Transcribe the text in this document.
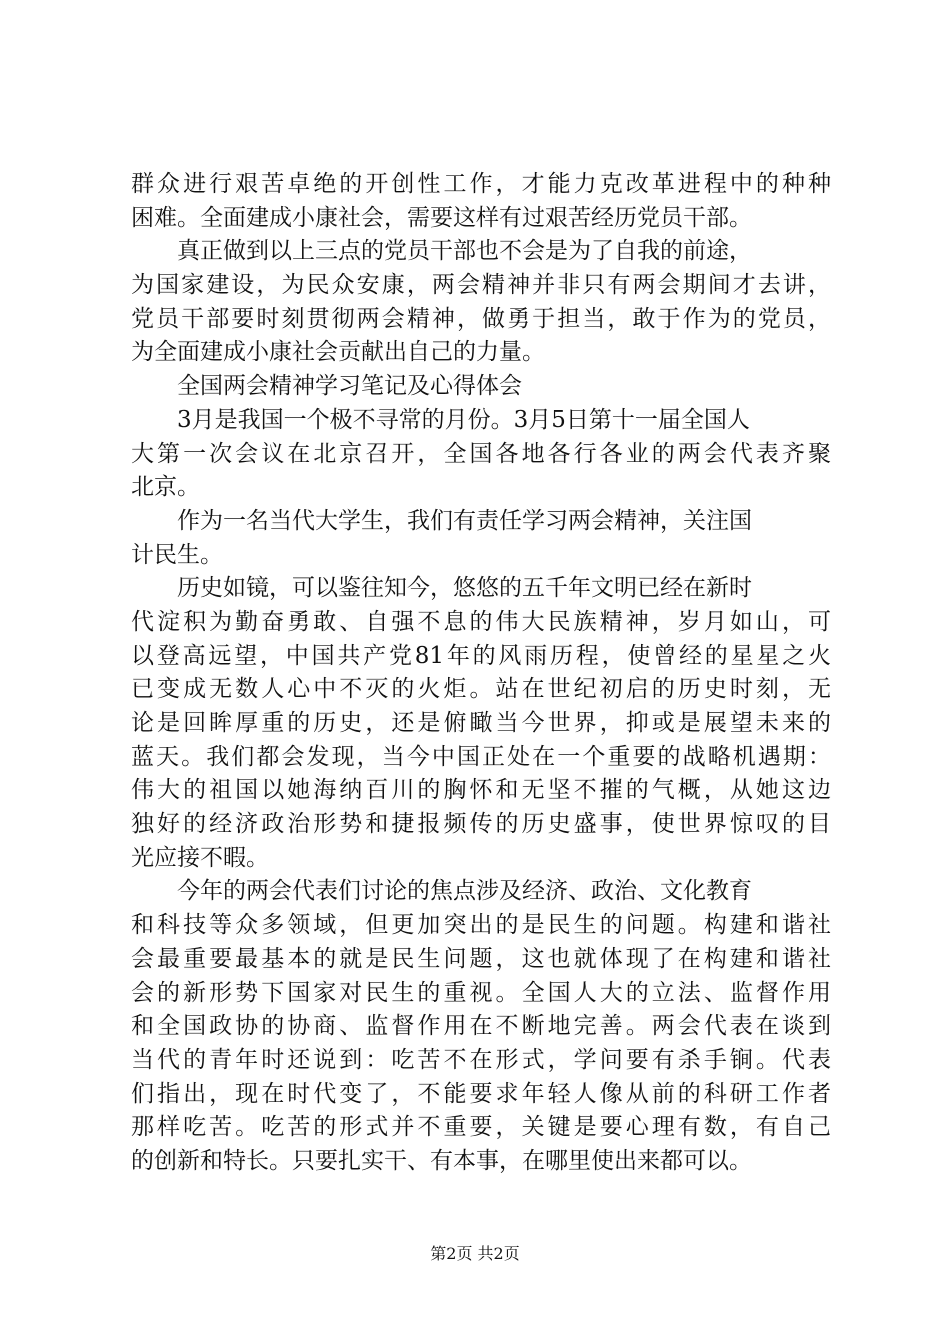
群众进行艰苦卓绝的开创性工作，才能力克改革进程中的种种
困难。全面建成小康社会，需要这样有过艰苦经历党员干部。
真正做到以上三点的党员干部也不会是为了自我的前途，
为国家建设，为民众安康，两会精神并非只有两会期间才去讲，
党员干部要时刻贯彻两会精神，做勇于担当，敢于作为的党员，
为全面建成小康社会贡献出自己的力量。
全国两会精神学习笔记及心得体会
3月是我国一个极不寻常的月份。3月5日第十一届全国人
大第一次会议在北京召开，全国各地各行各业的两会代表齐聚
北京。
作为一名当代大学生，我们有责任学习两会精神，关注国
计民生。
历史如镜，可以鉴往知今，悠悠的五千年文明已经在新时
代淀积为勤奋勇敢、自强不息的伟大民族精神，岁月如山，可
以登高远望，中国共产党81年的风雨历程，使曾经的星星之火
已变成无数人心中不灭的火炬。站在世纪初启的历史时刻，无
论是回眸厚重的历史，还是俯瞰当今世界，抑或是展望未来的
蓝天。我们都会发现，当今中国正处在一个重要的战略机遇期：
伟大的祖国以她海纳百川的胸怀和无坚不摧的气概，从她这边
独好的经济政治形势和捷报频传的历史盛事，使世界惊叹的目
光应接不暇。
今年的两会代表们讨论的焦点涉及经济、政治、文化教育
和科技等众多领域，但更加突出的是民生的问题。构建和谐社
会最重要最基本的就是民生问题，这也就体现了在构建和谐社
会的新形势下国家对民生的重视。全国人大的立法、监督作用
和全国政协的协商、监督作用在不断地完善。两会代表在谈到
当代的青年时还说到：吃苦不在形式，学问要有杀手锏。代表
们指出，现在时代变了，不能要求年轻人像从前的科研工作者
那样吃苦。吃苦的形式并不重要，关键是要心理有数，有自己
的创新和特长。只要扎实干、有本事，在哪里使出来都可以。
第2页 共2页
